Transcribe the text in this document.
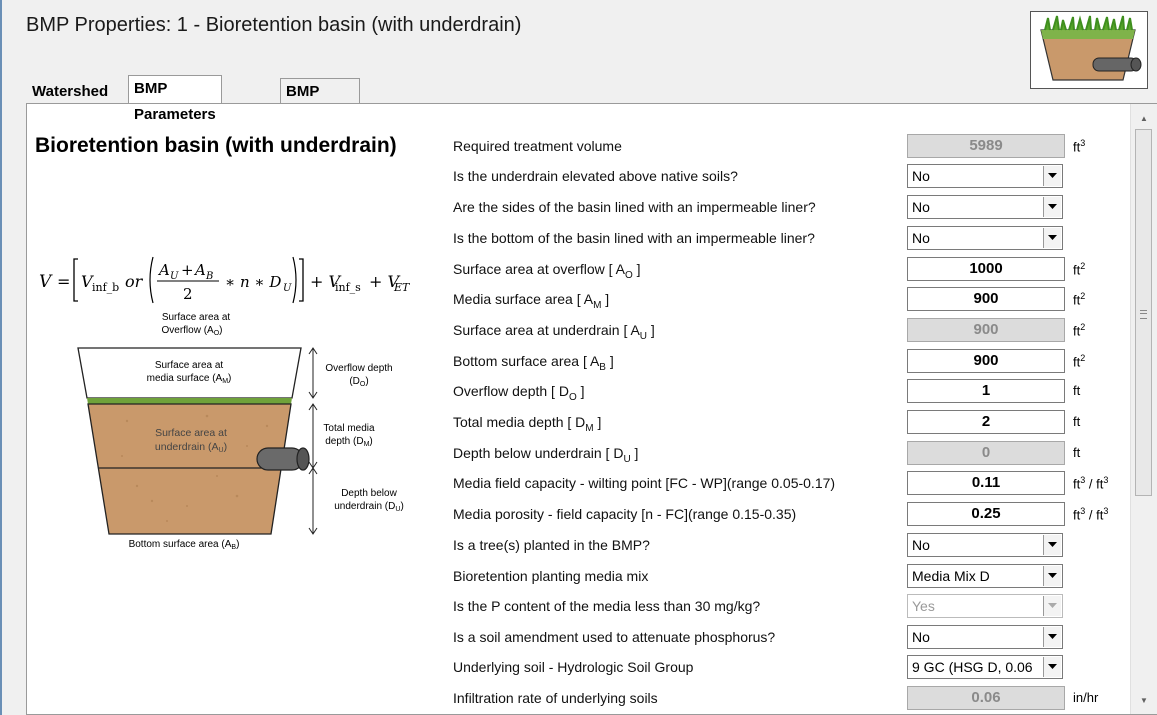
BMP Properties: 1 - Bioretention basin (with underdrain)
Watershed	BMP Parameters
BMP
Bioretention basin (with underdrain)
V = V inf_b or
A U + A B
2
∗ n ∗ D U + V
inf_s + V
ET
Surface area at
Overflow $(A_O)$
Surface area at
media surface $(A_M)$
Surface area at
underdrain (AU)
Overflow depth
$(D_O)$
Total media
depth $(D_M)$
Depth below
underdrain $(D_U)$
Bottom surface area $(A_B)$
Required treatment volume	5989	$ft^3$
Is the underdrain elevated above native soils?	No
Are the sides of the basin lined with an impermeable liner?	No
Is the bottom of the basin lined with an impermeable liner?	No
Surface area at overflow [ $A_O$ ]	1000	$ft^2$
Media surface area [ $A_M$ ]	900	$ft^2$
Surface area at underdrain [ $A_U$ ]	900	$ft^2$
Bottom surface area [ $A_B$ ]	900	$ft^2$
Overflow depth [ $D_O$ ]	1	ft
Total media depth [ $D_M$ ]	2	ft
Depth below underdrain [ $D_U$ ]	0	ft
Media field capacity - wilting point [FC - WP](range 0.05-0.17)	0.11	$ft^3 / ft^3$
Media porosity - field capacity [n - FC](range 0.15-0.35)	0.25	$ft^3 / ft^3$
Is a tree(s) planted in the BMP?	No
Bioretention planting media mix	Media Mix D
Is the P content of the media less than 30 mg/kg?	Yes
Is a soil amendment used to attenuate phosphorus?	No
Underlying soil - Hydrologic Soil Group	9 GC (HSG D, 0.06
Infiltration rate of underlying soils	0.06	in/hr
▲
▼
